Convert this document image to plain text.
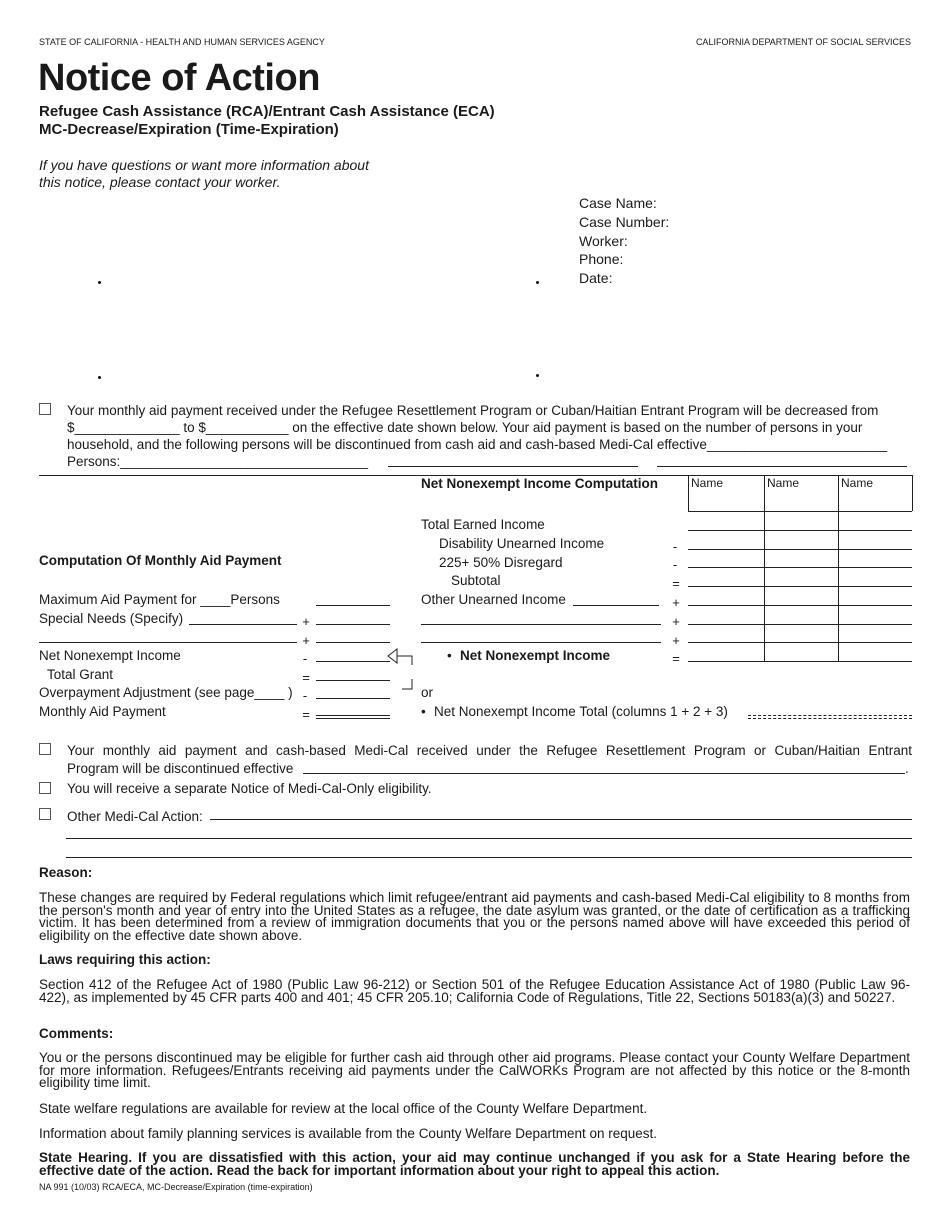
STATE OF CALIFORNIA - HEALTH AND HUMAN SERVICES AGENCY	CALIFORNIA DEPARTMENT OF SOCIAL SERVICES
Notice of Action
Refugee Cash Assistance (RCA)/Entrant Cash Assistance (ECA)
MC-Decrease/Expiration (Time-Expiration)
If you have questions or want more information about
this notice, please contact your worker.
Case Name:
Case Number:
Worker:
Phone:
Date:
Your monthly aid payment received under the Refugee Resettlement Program or Cuban/Haitian Entrant Program will be decreased from
$______________ to $___________ on the effective date shown below. Your aid payment is based on the number of persons in your
household, and the following persons will be discontinued from cash aid and cash-based Medi-Cal effective________________________
Persons:_________________________________
Computation Of Monthly Aid Payment
Maximum Aid Payment for ____Persons
Special Needs (Specify)	+
+
Net Nonexempt Income	-
Total Grant	=
Overpayment Adjustment (see page____ ) -
Monthly Aid Payment	=
Net Nonexempt Income Computation	Name	Name	Name
Total Earned Income
Disability Unearned Income	-
225+ 50% Disregard	-
Subtotal	=
Other Unearned Income	+
+
+
• Net Nonexempt Income	=
or
• Net Nonexempt Income Total (columns 1 + 2 + 3)
Your monthly aid payment and cash-based Medi-Cal received under the Refugee Resettlement Program or Cuban/Haitian Entrant
Program will be discontinued effective	.
You will receive a separate Notice of Medi-Cal-Only eligibility.
Other Medi-Cal Action:
Reason:
These changes are required by Federal regulations which limit refugee/entrant aid payments and cash-based Medi-Cal eligibility to 8 months from the person's month and year of entry into the United States as a refugee, the date asylum was granted, or the date of certification as a trafficking victim. It has been determined from a review of immigration documents that you or the persons named above will have exceeded this period of eligibility on the effective date shown above.
Laws requiring this action:
Section 412 of the Refugee Act of 1980 (Public Law 96-212) or Section 501 of the Refugee Education Assistance Act of 1980 (Public Law 96-422), as implemented by 45 CFR parts 400 and 401; 45 CFR 205.10; California Code of Regulations, Title 22, Sections 50183(a)(3) and 50227.
Comments:
You or the persons discontinued may be eligible for further cash aid through other aid programs. Please contact your County Welfare Department for more information. Refugees/Entrants receiving aid payments under the CalWORKs Program are not affected by this notice or the 8-month eligibility time limit.
State welfare regulations are available for review at the local office of the County Welfare Department.
Information about family planning services is available from the County Welfare Department on request.
State Hearing. If you are dissatisfied with this action, your aid may continue unchanged if you ask for a State Hearing before the effective date of the action. Read the back for important information about your right to appeal this action.
NA 991 (10/03) RCA/ECA, MC-Decrease/Expiration (time-expiration)
